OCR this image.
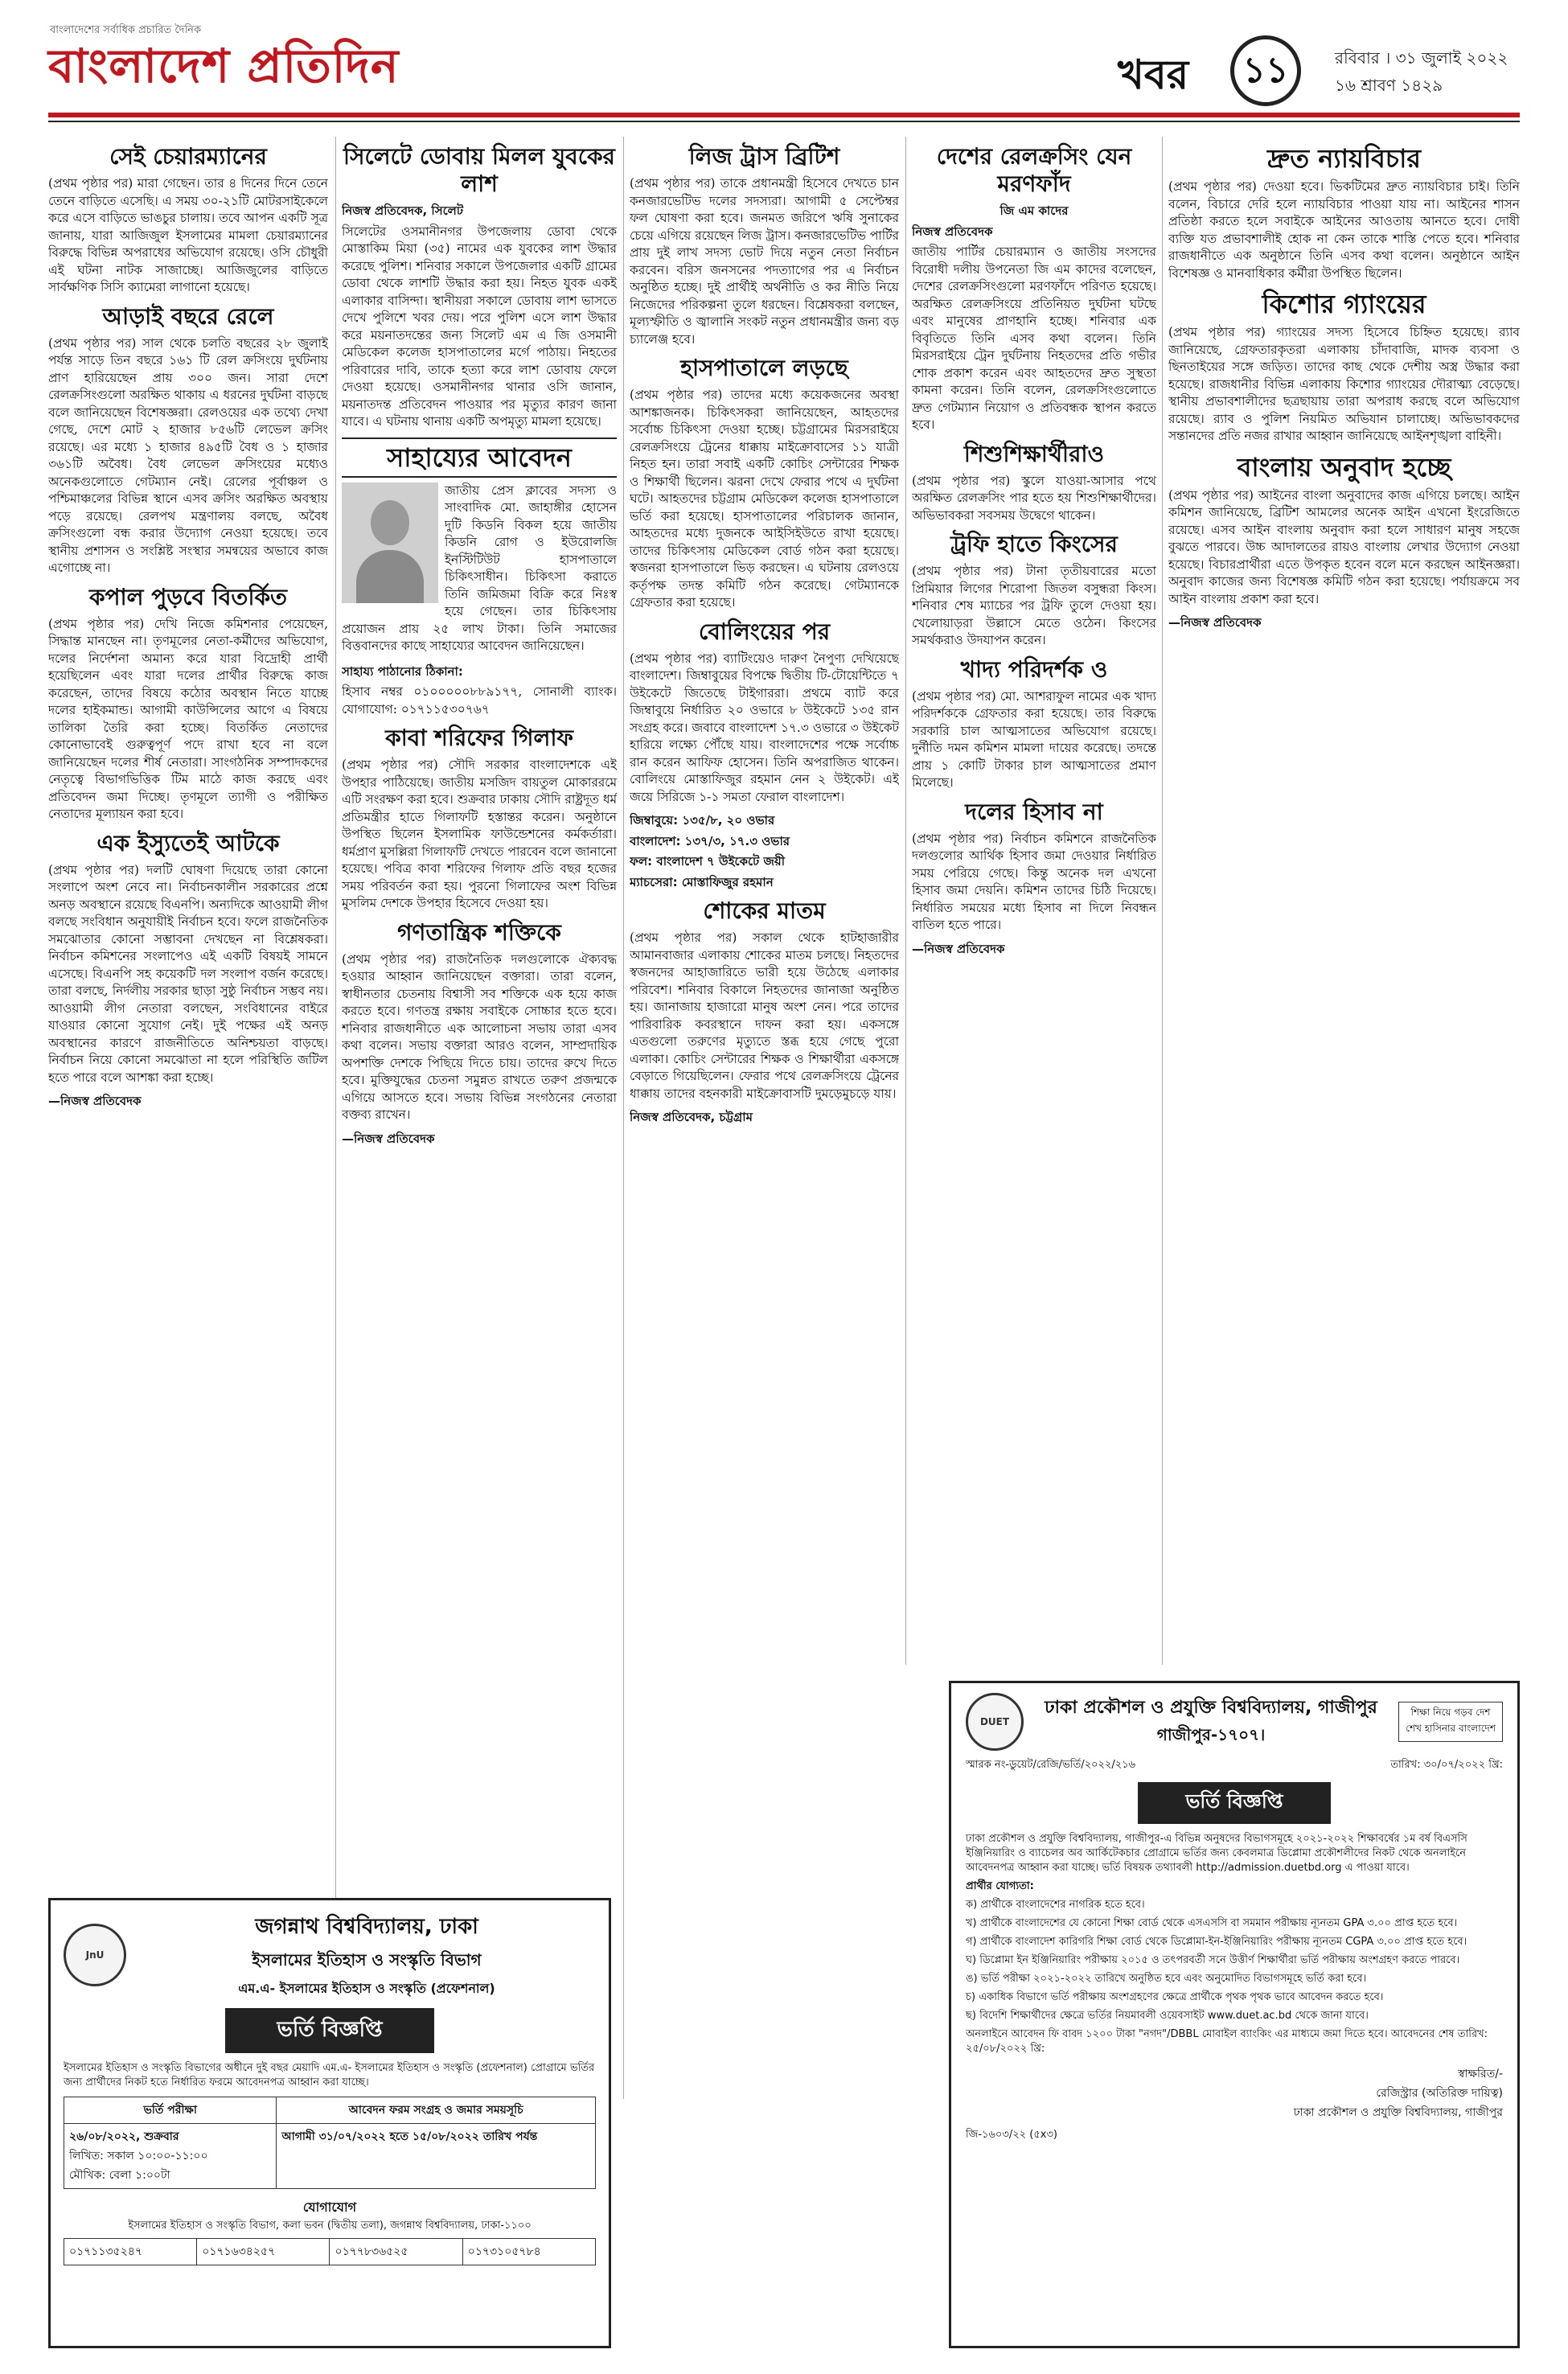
বাংলাদেশের সর্বাধিক প্রচারিত দৈনিক
বাংলাদেশ প্রতিদিন	খবর	১১	রবিবার । ৩১ জুলাই ২০২২
১৬ শ্রাবণ ১৪২৯
সেই চেয়ারম্যানের

(প্রথম পৃষ্ঠার পর) মারা গেছেন। তার ৪ দিনের দিনে তেনে তেনে বাড়িতে এসেছি। এ সময় ৩০-২১টি মোটরসাইকেলে করে এসে বাড়িতে ভাঙচুর চালায়। তবে আপন একটি সূত্র জানায়, যারা আজিজুল ইসলামের মামলা চেয়ারম্যানের বিরুদ্ধে বিভিন্ন অপরাধের অভিযোগ রয়েছে। ওসি চৌধুরী এই ঘটনা নাটক সাজাচ্ছে। আজিজুলের বাড়িতে সার্বক্ষণিক সিসি ক্যামেরা লাগানো হয়েছে।

আড়াই বছরে রেলে

(প্রথম পৃষ্ঠার পর) সাল থেকে চলতি বছরের ২৮ জুলাই পর্যন্ত সাড়ে তিন বছরে ১৬১ টি রেল ক্রসিংয়ে দুর্ঘটনায় প্রাণ হারিয়েছেন প্রায় ৩০০ জন। সারা দেশে রেলক্রসিংগুলো অরক্ষিত থাকায় এ ধরনের দুর্ঘটনা বাড়ছে বলে জানিয়েছেন বিশেষজ্ঞরা। রেলওয়ের এক তথ্যে দেখা গেছে, দেশে মোট ২ হাজার ৮৫৬টি লেভেল ক্রসিং রয়েছে। এর মধ্যে ১ হাজার ৪৯৫টি বৈধ ও ১ হাজার ৩৬১টি অবৈধ। বৈধ লেভেল ক্রসিংয়ের মধ্যেও অনেকগুলোতে গেটম্যান নেই। রেলের পূর্বাঞ্চল ও পশ্চিমাঞ্চলের বিভিন্ন স্থানে এসব ক্রসিং অরক্ষিত অবস্থায় পড়ে রয়েছে। রেলপথ মন্ত্রণালয় বলছে, অবৈধ ক্রসিংগুলো বন্ধ করার উদ্যোগ নেওয়া হয়েছে। তবে স্থানীয় প্রশাসন ও সংশ্লিষ্ট সংস্থার সমন্বয়ের অভাবে কাজ এগোচ্ছে না।

কপাল পুড়বে বিতর্কিত

(প্রথম পৃষ্ঠার পর) দেখি নিজে কমিশনার পেয়েছেন, সিদ্ধান্ত মানছেন না। তৃণমূলের নেতা-কর্মীদের অভিযোগ, দলের নির্দেশনা অমান্য করে যারা বিদ্রোহী প্রার্থী হয়েছিলেন এবং যারা দলের প্রার্থীর বিরুদ্ধে কাজ করেছেন, তাদের বিষয়ে কঠোর অবস্থান নিতে যাচ্ছে দলের হাইকমান্ড। আগামী কাউন্সিলের আগে এ বিষয়ে তালিকা তৈরি করা হচ্ছে। বিতর্কিত নেতাদের কোনোভাবেই গুরুত্বপূর্ণ পদে রাখা হবে না বলে জানিয়েছেন দলের শীর্ষ নেতারা। সাংগঠনিক সম্পাদকদের নেতৃত্বে বিভাগভিত্তিক টিম মাঠে কাজ করছে এবং প্রতিবেদন জমা দিচ্ছে। তৃণমূলে ত্যাগী ও পরীক্ষিত নেতাদের মূল্যায়ন করা হবে।

এক ইস্যুতেই আটকে

(প্রথম পৃষ্ঠার পর) দলটি ঘোষণা দিয়েছে তারা কোনো সংলাপে অংশ নেবে না। নির্বাচনকালীন সরকারের প্রশ্নে অনড় অবস্থানে রয়েছে বিএনপি। অন্যদিকে আওয়ামী লীগ বলছে সংবিধান অনুযায়ীই নির্বাচন হবে। ফলে রাজনৈতিক সমঝোতার কোনো সম্ভাবনা দেখছেন না বিশ্লেষকরা। নির্বাচন কমিশনের সংলাপেও এই একটি বিষয়ই সামনে এসেছে। বিএনপি সহ কয়েকটি দল সংলাপ বর্জন করেছে। তারা বলছে, নির্দলীয় সরকার ছাড়া সুষ্ঠু নির্বাচন সম্ভব নয়। আওয়ামী লীগ নেতারা বলছেন, সংবিধানের বাইরে যাওয়ার কোনো সুযোগ নেই। দুই পক্ষের এই অনড় অবস্থানের কারণে রাজনীতিতে অনিশ্চয়তা বাড়ছে। নির্বাচন নিয়ে কোনো সমঝোতা না হলে পরিস্থিতি জটিল হতে পারে বলে আশঙ্কা করা হচ্ছে।

—নিজস্ব প্রতিবেদক

সিলেটে ডোবায় মিলল যুবকের লাশ
নিজস্ব প্রতিবেদক, সিলেট

সিলেটের ওসমানীনগর উপজেলায় ডোবা থেকে মোস্তাকিম মিয়া (৩৫) নামের এক যুবকের লাশ উদ্ধার করেছে পুলিশ। শনিবার সকালে উপজেলার একটি গ্রামের ডোবা থেকে লাশটি উদ্ধার করা হয়। নিহত যুবক একই এলাকার বাসিন্দা। স্থানীয়রা সকালে ডোবায় লাশ ভাসতে দেখে পুলিশে খবর দেয়। পরে পুলিশ এসে লাশ উদ্ধার করে ময়নাতদন্তের জন্য সিলেট এম এ জি ওসমানী মেডিকেল কলেজ হাসপাতালের মর্গে পাঠায়। নিহতের পরিবারের দাবি, তাকে হত্যা করে লাশ ডোবায় ফেলে দেওয়া হয়েছে। ওসমানীনগর থানার ওসি জানান, ময়নাতদন্ত প্রতিবেদন পাওয়ার পর মৃত্যুর কারণ জানা যাবে। এ ঘটনায় থানায় একটি অপমৃত্যু মামলা হয়েছে।

সাহায্যের আবেদন

জাতীয় প্রেস ক্লাবের সদস্য ও সাংবাদিক মো. জাহাঙ্গীর হোসেন দুটি কিডনি বিকল হয়ে জাতীয় কিডনি রোগ ও ইউরোলজি ইনস্টিটিউট হাসপাতালে চিকিৎসাধীন। চিকিৎসা করাতে তিনি জমিজমা বিক্রি করে নিঃস্ব হয়ে গেছেন। তার চিকিৎসায় প্রয়োজন প্রায় ২৫ লাখ টাকা। তিনি সমাজের বিত্তবানদের কাছে সাহায্যের আবেদন জানিয়েছেন।

সাহায্য পাঠানোর ঠিকানা:

হিসাব নম্বর ০১০০০০০৮৮৯১৭৭, সোনালী ব্যাংক। যোগাযোগ: ০১৭১১৫৩০৭৬৭

কাবা শরিফের গিলাফ

(প্রথম পৃষ্ঠার পর) সৌদি সরকার বাংলাদেশকে এই উপহার পাঠিয়েছে। জাতীয় মসজিদ বায়তুল মোকাররমে এটি সংরক্ষণ করা হবে। শুক্রবার ঢাকায় সৌদি রাষ্ট্রদূত ধর্ম প্রতিমন্ত্রীর হাতে গিলাফটি হস্তান্তর করেন। অনুষ্ঠানে উপস্থিত ছিলেন ইসলামিক ফাউন্ডেশনের কর্মকর্তারা। ধর্মপ্রাণ মুসল্লিরা গিলাফটি দেখতে পারবেন বলে জানানো হয়েছে। পবিত্র কাবা শরিফের গিলাফ প্রতি বছর হজের সময় পরিবর্তন করা হয়। পুরনো গিলাফের অংশ বিভিন্ন মুসলিম দেশকে উপহার হিসেবে দেওয়া হয়।

গণতান্ত্রিক শক্তিকে

(প্রথম পৃষ্ঠার পর) রাজনৈতিক দলগুলোকে ঐক্যবদ্ধ হওয়ার আহ্বান জানিয়েছেন বক্তারা। তারা বলেন, স্বাধীনতার চেতনায় বিশ্বাসী সব শক্তিকে এক হয়ে কাজ করতে হবে। গণতন্ত্র রক্ষায় সবাইকে সোচ্চার হতে হবে। শনিবার রাজধানীতে এক আলোচনা সভায় তারা এসব কথা বলেন। সভায় বক্তারা আরও বলেন, সাম্প্রদায়িক অপশক্তি দেশকে পিছিয়ে দিতে চায়। তাদের রুখে দিতে হবে। মুক্তিযুদ্ধের চেতনা সমুন্নত রাখতে তরুণ প্রজন্মকে এগিয়ে আসতে হবে। সভায় বিভিন্ন সংগঠনের নেতারা বক্তব্য রাখেন।

—নিজস্ব প্রতিবেদক

লিজ ট্রাস ব্রিটিশ

(প্রথম পৃষ্ঠার পর) তাকে প্রধানমন্ত্রী হিসেবে দেখতে চান কনজারভেটিভ দলের সদস্যরা। আগামী ৫ সেপ্টেম্বর ফল ঘোষণা করা হবে। জনমত জরিপে ঋষি সুনাকের চেয়ে এগিয়ে রয়েছেন লিজ ট্রাস। কনজারভেটিভ পার্টির প্রায় দুই লাখ সদস্য ভোট দিয়ে নতুন নেতা নির্বাচন করবেন। বরিস জনসনের পদত্যাগের পর এ নির্বাচন অনুষ্ঠিত হচ্ছে। দুই প্রার্থীই অর্থনীতি ও কর নীতি নিয়ে নিজেদের পরিকল্পনা তুলে ধরছেন। বিশ্লেষকরা বলছেন, মূল্যস্ফীতি ও জ্বালানি সংকট নতুন প্রধানমন্ত্রীর জন্য বড় চ্যালেঞ্জ হবে।

হাসপাতালে লড়ছে

(প্রথম পৃষ্ঠার পর) তাদের মধ্যে কয়েকজনের অবস্থা আশঙ্কাজনক। চিকিৎসকরা জানিয়েছেন, আহতদের সর্বোচ্চ চিকিৎসা দেওয়া হচ্ছে। চট্টগ্রামের মিরসরাইয়ে রেলক্রসিংয়ে ট্রেনের ধাক্কায় মাইক্রোবাসের ১১ যাত্রী নিহত হন। তারা সবাই একটি কোচিং সেন্টারের শিক্ষক ও শিক্ষার্থী ছিলেন। ঝরনা দেখে ফেরার পথে এ দুর্ঘটনা ঘটে। আহতদের চট্টগ্রাম মেডিকেল কলেজ হাসপাতালে ভর্তি করা হয়েছে। হাসপাতালের পরিচালক জানান, আহতদের মধ্যে দুজনকে আইসিইউতে রাখা হয়েছে। তাদের চিকিৎসায় মেডিকেল বোর্ড গঠন করা হয়েছে। স্বজনরা হাসপাতালে ভিড় করছেন। এ ঘটনায় রেলওয়ে কর্তৃপক্ষ তদন্ত কমিটি গঠন করেছে। গেটম্যানকে গ্রেফতার করা হয়েছে।

বোলিংয়ের পর

(প্রথম পৃষ্ঠার পর) ব্যাটিংয়েও দারুণ নৈপুণ্য দেখিয়েছে বাংলাদেশ। জিম্বাবুয়ের বিপক্ষে দ্বিতীয় টি-টোয়েন্টিতে ৭ উইকেটে জিতেছে টাইগাররা। প্রথমে ব্যাট করে জিম্বাবুয়ে নির্ধারিত ২০ ওভারে ৮ উইকেটে ১৩৫ রান সংগ্রহ করে। জবাবে বাংলাদেশ ১৭.৩ ওভারে ৩ উইকেট হারিয়ে লক্ষ্যে পৌঁছে যায়। বাংলাদেশের পক্ষে সর্বোচ্চ রান করেন আফিফ হোসেন। তিনি অপরাজিত থাকেন। বোলিংয়ে মোস্তাফিজুর রহমান নেন ২ উইকেট। এই জয়ে সিরিজে ১-১ সমতা ফেরাল বাংলাদেশ।

জিম্বাবুয়ে: ১৩৫/৮, ২০ ওভার

বাংলাদেশ: ১৩৭/৩, ১৭.৩ ওভার

ফল: বাংলাদেশ ৭ উইকেটে জয়ী

ম্যাচসেরা: মোস্তাফিজুর রহমান

শোকের মাতম

(প্রথম পৃষ্ঠার পর) সকাল থেকে হাটহাজারীর আমানবাজার এলাকায় শোকের মাতম চলছে। নিহতদের স্বজনদের আহাজারিতে ভারী হয়ে উঠেছে এলাকার পরিবেশ। শনিবার বিকালে নিহতদের জানাজা অনুষ্ঠিত হয়। জানাজায় হাজারো মানুষ অংশ নেন। পরে তাদের পারিবারিক কবরস্থানে দাফন করা হয়। একসঙ্গে এতগুলো তরুণের মৃত্যুতে স্তব্ধ হয়ে গেছে পুরো এলাকা। কোচিং সেন্টারের শিক্ষক ও শিক্ষার্থীরা একসঙ্গে বেড়াতে গিয়েছিলেন। ফেরার পথে রেলক্রসিংয়ে ট্রেনের ধাক্কায় তাদের বহনকারী মাইক্রোবাসটি দুমড়েমুচড়ে যায়।

নিজস্ব প্রতিবেদক, চট্টগ্রাম

দেশের রেলক্রসিং যেন মরণফাঁদ
জি এম কাদের
নিজস্ব প্রতিবেদক

জাতীয় পার্টির চেয়ারম্যান ও জাতীয় সংসদের বিরোধী দলীয় উপনেতা জি এম কাদের বলেছেন, দেশের রেলক্রসিংগুলো মরণফাঁদে পরিণত হয়েছে। অরক্ষিত রেলক্রসিংয়ে প্রতিনিয়ত দুর্ঘটনা ঘটছে এবং মানুষের প্রাণহানি হচ্ছে। শনিবার এক বিবৃতিতে তিনি এসব কথা বলেন। তিনি মিরসরাইয়ে ট্রেন দুর্ঘটনায় নিহতদের প্রতি গভীর শোক প্রকাশ করেন এবং আহতদের দ্রুত সুস্থতা কামনা করেন। তিনি বলেন, রেলক্রসিংগুলোতে দ্রুত গেটম্যান নিয়োগ ও প্রতিবন্ধক স্থাপন করতে হবে।

শিশুশিক্ষার্থীরাও

(প্রথম পৃষ্ঠার পর) স্কুলে যাওয়া-আসার পথে অরক্ষিত রেলক্রসিং পার হতে হয় শিশুশিক্ষার্থীদের। অভিভাবকরা সবসময় উদ্বেগে থাকেন।

ট্রফি হাতে কিংসের

(প্রথম পৃষ্ঠার পর) টানা তৃতীয়বারের মতো প্রিমিয়ার লিগের শিরোপা জিতল বসুন্ধরা কিংস। শনিবার শেষ ম্যাচের পর ট্রফি তুলে দেওয়া হয়। খেলোয়াড়রা উল্লাসে মেতে ওঠেন। কিংসের সমর্থকরাও উদযাপন করেন।

খাদ্য পরিদর্শক ও

(প্রথম পৃষ্ঠার পর) মো. আশরাফুল নামের এক খাদ্য পরিদর্শককে গ্রেফতার করা হয়েছে। তার বিরুদ্ধে সরকারি চাল আত্মসাতের অভিযোগ রয়েছে। দুর্নীতি দমন কমিশন মামলা দায়ের করেছে। তদন্তে প্রায় ১ কোটি টাকার চাল আত্মসাতের প্রমাণ মিলেছে।

দলের হিসাব না

(প্রথম পৃষ্ঠার পর) নির্বাচন কমিশনে রাজনৈতিক দলগুলোর আর্থিক হিসাব জমা দেওয়ার নির্ধারিত সময় পেরিয়ে গেছে। কিন্তু অনেক দল এখনো হিসাব জমা দেয়নি। কমিশন তাদের চিঠি দিয়েছে। নির্ধারিত সময়ের মধ্যে হিসাব না দিলে নিবন্ধন বাতিল হতে পারে।

—নিজস্ব প্রতিবেদক

দ্রুত ন্যায়বিচার

(প্রথম পৃষ্ঠার পর) দেওয়া হবে। ভিকটিমের দ্রুত ন্যায়বিচার চাই। তিনি বলেন, বিচারে দেরি হলে ন্যায়বিচার পাওয়া যায় না। আইনের শাসন প্রতিষ্ঠা করতে হলে সবাইকে আইনের আওতায় আনতে হবে। দোষী ব্যক্তি যত প্রভাবশালীই হোক না কেন তাকে শাস্তি পেতে হবে। শনিবার রাজধানীতে এক অনুষ্ঠানে তিনি এসব কথা বলেন। অনুষ্ঠানে আইন বিশেষজ্ঞ ও মানবাধিকার কর্মীরা উপস্থিত ছিলেন।

কিশোর গ্যাংয়ের

(প্রথম পৃষ্ঠার পর) গ্যাংয়ের সদস্য হিসেবে চিহ্নিত হয়েছে। র‌্যাব জানিয়েছে, গ্রেফতারকৃতরা এলাকায় চাঁদাবাজি, মাদক ব্যবসা ও ছিনতাইয়ের সঙ্গে জড়িত। তাদের কাছ থেকে দেশীয় অস্ত্র উদ্ধার করা হয়েছে। রাজধানীর বিভিন্ন এলাকায় কিশোর গ্যাংয়ের দৌরাত্ম্য বেড়েছে। স্থানীয় প্রভাবশালীদের ছত্রছায়ায় তারা অপরাধ করছে বলে অভিযোগ রয়েছে। র‌্যাব ও পুলিশ নিয়মিত অভিযান চালাচ্ছে। অভিভাবকদের সন্তানদের প্রতি নজর রাখার আহ্বান জানিয়েছে আইনশৃঙ্খলা বাহিনী।

বাংলায় অনুবাদ হচ্ছে

(প্রথম পৃষ্ঠার পর) আইনের বাংলা অনুবাদের কাজ এগিয়ে চলছে। আইন কমিশন জানিয়েছে, ব্রিটিশ আমলের অনেক আইন এখনো ইংরেজিতে রয়েছে। এসব আইন বাংলায় অনুবাদ করা হলে সাধারণ মানুষ সহজে বুঝতে পারবে। উচ্চ আদালতের রায়ও বাংলায় লেখার উদ্যোগ নেওয়া হয়েছে। বিচারপ্রার্থীরা এতে উপকৃত হবেন বলে মনে করছেন আইনজ্ঞরা। অনুবাদ কাজের জন্য বিশেষজ্ঞ কমিটি গঠন করা হয়েছে। পর্যায়ক্রমে সব আইন বাংলায় প্রকাশ করা হবে।

—নিজস্ব প্রতিবেদক

JnU
জগন্নাথ বিশ্ববিদ্যালয়, ঢাকা
ইসলামের ইতিহাস ও সংস্কৃতি বিভাগ
এম.এ- ইসলামের ইতিহাস ও সংস্কৃতি (প্রফেশনাল)
ভর্তি বিজ্ঞপ্তি

ইসলামের ইতিহাস ও সংস্কৃতি বিভাগের অধীনে দুই বছর মেয়াদি এম.এ- ইসলামের ইতিহাস ও সংস্কৃতি (প্রফেশনাল) প্রোগ্রামে ভর্তির জন্য প্রার্থীদের নিকট হতে নির্ধারিত ফরমে আবেদনপত্র আহ্বান করা যাচ্ছে।

ভর্তি পরীক্ষা	আবেদন ফরম সংগ্রহ ও জমার সময়সূচি

২৬/০৮/২০২২, শুক্রবার
লিখিত: সকাল ১০:০০-১১:০০
মৌখিক: বেলা ১:০০টা	আগামী ৩১/০৭/২০২২ হতে ১৫/০৮/২০২২ তারিখ পর্যন্ত
যোগাযোগ
ইসলামের ইতিহাস ও সংস্কৃতি বিভাগ, কলা ভবন (দ্বিতীয় তলা), জগন্নাথ বিশ্ববিদ্যালয়, ঢাকা-১১০০
০১৭১১৩৫২৪৭	০১৭১৬৩৪২৫৭	০১৭৭৮৩৬৫২৫	০১৭৩১০৫৭৮৪
DUET
ঢাকা প্রকৌশল ও প্রযুক্তি বিশ্ববিদ্যালয়, গাজীপুর
গাজীপুর-১৭০৭।
শিক্ষা নিয়ে গড়ব দেশ শেখ হাসিনার বাংলাদেশ
স্মারক নং-ডুয়েট/রেজি/ভর্তি/২০২২/২১৬	তারিখ: ৩০/০৭/২০২২ খ্রি:
ভর্তি বিজ্ঞপ্তি

ঢাকা প্রকৌশল ও প্রযুক্তি বিশ্ববিদ্যালয়, গাজীপুর-এ বিভিন্ন অনুষদের বিভাগসমূহে ২০২১-২০২২ শিক্ষাবর্ষের ১ম বর্ষ বিএসসি ইঞ্জিনিয়ারিং ও ব্যাচেলর অব আর্কিটেকচার প্রোগ্রামে ভর্তির জন্য কেবলমাত্র ডিপ্লোমা প্রকৌশলীদের নিকট থেকে অনলাইনে আবেদনপত্র আহ্বান করা যাচ্ছে। ভর্তি বিষয়ক তথ্যাবলী http://admission.duetbd.org এ পাওয়া যাবে।

প্রার্থীর যোগ্যতা:

ক) প্রার্থীকে বাংলাদেশের নাগরিক হতে হবে।

খ) প্রার্থীকে বাংলাদেশের যে কোনো শিক্ষা বোর্ড থেকে এসএসসি বা সমমান পরীক্ষায় ন্যূনতম GPA ৩.০০ প্রাপ্ত হতে হবে।

গ) প্রার্থীকে বাংলাদেশ কারিগরি শিক্ষা বোর্ড থেকে ডিপ্লোমা-ইন-ইঞ্জিনিয়ারিং পরীক্ষায় ন্যূনতম CGPA ৩.০০ প্রাপ্ত হতে হবে।

ঘ) ডিপ্লোমা ইন ইঞ্জিনিয়ারিং পরীক্ষায় ২০১৫ ও তৎপরবর্তী সনে উত্তীর্ণ শিক্ষার্থীরা ভর্তি পরীক্ষায় অংশগ্রহণ করতে পারবে।

ঙ) ভর্তি পরীক্ষা ২০২১-২০২২ তারিখে অনুষ্ঠিত হবে এবং অনুমোদিত বিভাগসমূহে ভর্তি করা হবে।

চ) একাধিক বিভাগে ভর্তি পরীক্ষায় অংশগ্রহণের ক্ষেত্রে প্রার্থীকে পৃথক পৃথক ভাবে আবেদন করতে হবে।

ছ) বিদেশি শিক্ষার্থীদের ক্ষেত্রে ভর্তির নিয়মাবলী ওয়েবসাইট www.duet.ac.bd থেকে জানা যাবে।

অনলাইনে আবেদন ফি বাবদ ১২০০ টাকা "নগদ"/DBBL মোবাইল ব্যাংকিং এর মাধ্যমে জমা দিতে হবে। আবেদনের শেষ তারিখ: ২৫/০৮/২০২২ খ্রি:

স্বাক্ষরিত/-
রেজিস্ট্রার (অতিরিক্ত দায়িত্ব)
ঢাকা প্রকৌশল ও প্রযুক্তি বিশ্ববিদ্যালয়, গাজীপুর
জি-১৬০৩/২২ (৫x৩)
